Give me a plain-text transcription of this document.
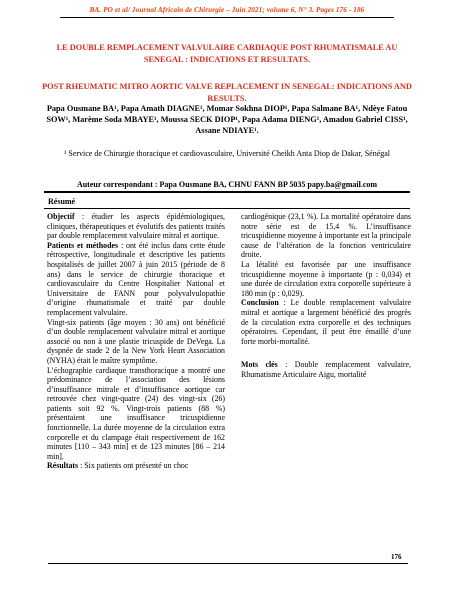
BA. PO et al/ Journal Africain de Chirurgie – Juin 2021; volume 6, N° 3. Pages 176 - 186
LE DOUBLE REMPLACEMENT VALVULAIRE CARDIAQUE POST RHUMATISMALE AU SENEGAL : INDICATIONS ET RESULTATS.
POST RHEUMATIC MITRO AORTIC VALVE REPLACEMENT IN SENEGAL: INDICATIONS AND RESULTS.
Papa Ousmane BA¹, Papa Amath DIAGNE¹, Momar Sokhna DIOP¹, Papa Salmane BA¹, Ndèye Fatou SOW¹, Marème Soda MBAYE¹, Moussa SECK DIOP¹, Papa Adama DIENG¹, Amadou Gabriel CISS¹, Assane NDIAYE¹.
¹ Service de Chirurgie thoracique et cardiovasculaire, Université Cheikh Anta Diop de Dakar, Sénégal
Auteur correspondant : Papa Ousmane BA, CHNU FANN BP 5035 papy.ba@gmail.com
Résumé

Objectif : étudier les aspects épidémiologiques, cliniques, thérapeutiques et évolutifs des patients traités par double remplacement valvulaire mitral et aortique.

Patients et méthodes : ont été inclus dans cette étude rétrospective, longitudinale et descriptive les patients hospitalisés de juillet 2007 à juin 2015 (période de 8 ans) dans le service de chirurgie thoracique et cardiovasculaire du Centre Hospitalier National et Universitaire de FANN pour polyvalvulopathie d’origine rhumatismale et traité par double remplacement valvulaire.

Vingt-six patients (âge moyen : 30 ans) ont bénéficié d’un double remplacement valvulaire mitral et aortique associé ou non à une plastie tricuspide de DeVega. La dyspnée de stade 2 de la New York Heart Association (NYHA) était le maître symptôme.

L’échographie cardiaque transthoracique a montré une prédominance de l’association des lésions d’insuffisance mitrale et d’insuffisance aortique car retrouvée chez vingt-quatre (24) des vingt-six (26) patients soit 92 %. Vingt-trois patients (88 %) présentaient une insuffisance tricuspidienne fonctionnelle. La durée moyenne de la circulation extra corporelle et du clampage était respectivement de 162 minutes [110 – 343 min] et de 123 minutes [86 – 214 min].

Résultats : Six patients ont présenté un choc

cardiogénique (23,1 %). La mortalité opératoire dans notre série est de 15,4 %. L’insuffisance tricuspidienne moyenne à importante est la principale cause de l’altération de la fonction ventriculaire droite.

La létalité est favorisée par une insuffisance tricuspidienne moyenne à importante (p : 0,034) et une durée de circulation extra corporelle supérieure à 180 min (p : 0,029).

Conclusion : Le double remplacement valvulaire mitral et aortique a largement bénéficié des progrès de la circulation extra corporelle et des techniques opératoires. Cependant, il peut être émaillé d’une forte morbi-mortalité.

Mots clés : Double remplacement valvulaire, Rhumatisme Articulaire Aigu, mortalité

176
